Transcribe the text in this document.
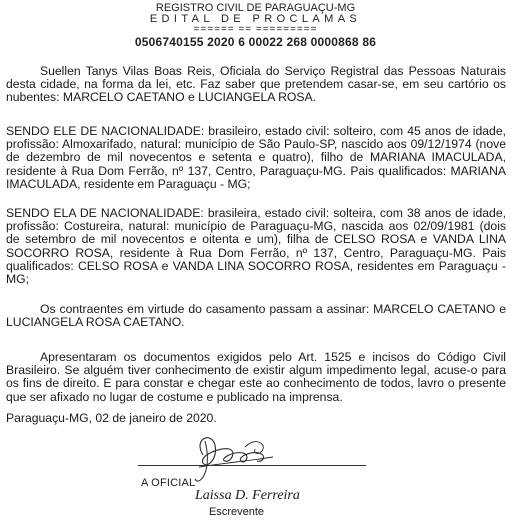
REGISTRO CIVIL DE PARAGUAÇU-MG
EDITAL DE PROCLAMAS
====== == =========
0506740155 2020 6 00022 268 0000868 86

Suellen Tanys Vilas Boas Reis, Oficiala do Serviço Registral das Pessoas Naturais desta cidade, na forma da lei, etc. Faz saber que pretendem casar-se, em seu cartório os nubentes: MARCELO CAETANO e LUCIANGELA ROSA.

SENDO ELE DE NACIONALIDADE: brasileiro, estado civil: solteiro, com 45 anos de idade, profissão: Almoxarifado, natural: município de São Paulo-SP, nascido aos 09/12/1974 (nove de dezembro de mil novecentos e setenta e quatro), filho de MARIANA IMACULADA, residente à Rua Dom Ferrão, nº 137, Centro, Paraguaçu-MG. Pais qualificados: MARIANA IMACULADA, residente em Paraguaçu - MG;

SENDO ELA DE NACIONALIDADE: brasileira, estado civil: solteira, com 38 anos de idade, profissão: Costureira, natural: município de Paraguaçu-MG, nascida aos 02/09/1981 (dois de setembro de mil novecentos e oitenta e um), filha de CELSO ROSA e VANDA LINA SOCORRO ROSA, residente à Rua Dom Ferrão, nº 137, Centro, Paraguaçu-MG. Pais qualificados: CELSO ROSA e VANDA LINA SOCORRO ROSA, residentes em Paraguaçu - MG;

Os contraentes em virtude do casamento passam a assinar: MARCELO CAETANO e LUCIANGELA ROSA CAETANO.

Apresentaram os documentos exigidos pelo Art. 1525 e incisos do Código Civil Brasileiro. Se alguém tiver conhecimento de existir algum impedimento legal, acuse-o para os fins de direito. E para constar e chegar este ao conhecimento de todos, lavro o presente que ser afixado no lugar de costume e publicado na imprensa.

Paraguaçu-MG, 02 de janeiro de 2020.

A OFICIAL
Laissa D. Ferreira
Escrevente
